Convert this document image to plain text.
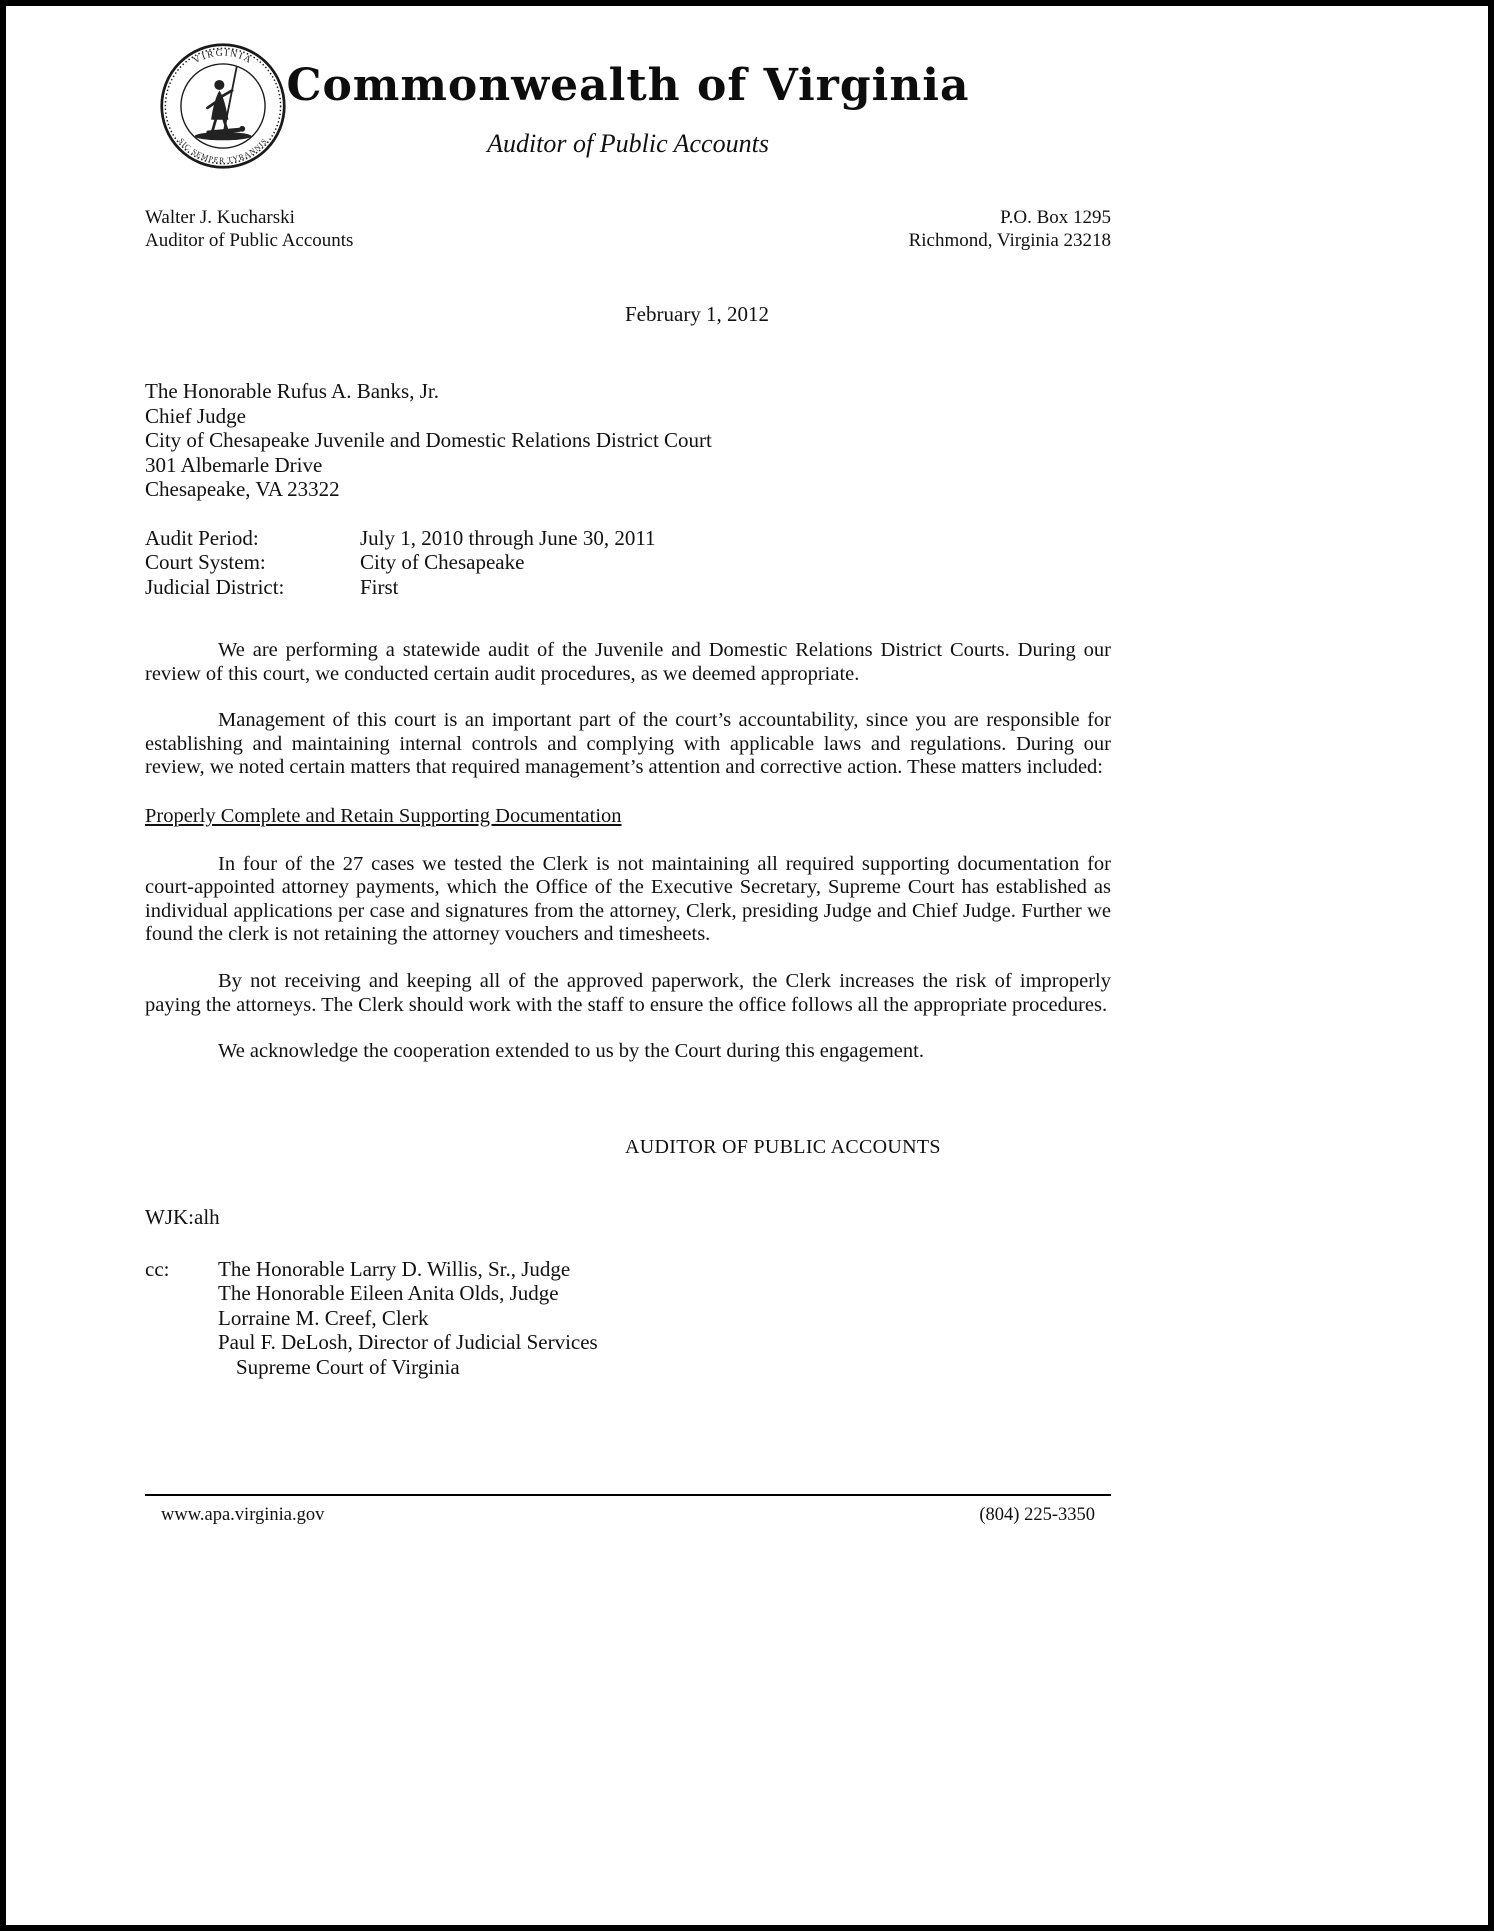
VIRGINIA
SIC SEMPER TYRANNIS
Commonwealth of Virginia
Auditor of Public Accounts
Walter J. Kucharski
Auditor of Public Accounts
P.O. Box 1295
Richmond, Virginia 23218
February 1, 2012
The Honorable Rufus A. Banks, Jr.
Chief Judge
City of Chesapeake Juvenile and Domestic Relations District Court
301 Albemarle Drive
Chesapeake, VA 23322
Audit Period:	July 1, 2010 through June 30, 2011
Court System:	City of Chesapeake
Judicial District:	First

We are performing a statewide audit of the Juvenile and Domestic Relations District Courts. During our review of this court, we conducted certain audit procedures, as we deemed appropriate.

Management of this court is an important part of the court’s accountability, since you are responsible for establishing and maintaining internal controls and complying with applicable laws and regulations. During our review, we noted certain matters that required management’s attention and corrective action. These matters included:

Properly Complete and Retain Supporting Documentation

In four of the 27 cases we tested the Clerk is not maintaining all required supporting documentation for court-appointed attorney payments, which the Office of the Executive Secretary, Supreme Court has established as individual applications per case and signatures from the attorney, Clerk, presiding Judge and Chief Judge. Further we found the clerk is not retaining the attorney vouchers and timesheets.

By not receiving and keeping all of the approved paperwork, the Clerk increases the risk of improperly paying the attorneys. The Clerk should work with the staff to ensure the office follows all the appropriate procedures.

We acknowledge the cooperation extended to us by the Court during this engagement.

AUDITOR OF PUBLIC ACCOUNTS
WJK:alh
cc:	The Honorable Larry D. Willis, Sr., Judge
The Honorable Eileen Anita Olds, Judge
Lorraine M. Creef, Clerk
Paul F. DeLosh, Director of Judicial Services
Supreme Court of Virginia
www.apa.virginia.gov	(804) 225-3350
